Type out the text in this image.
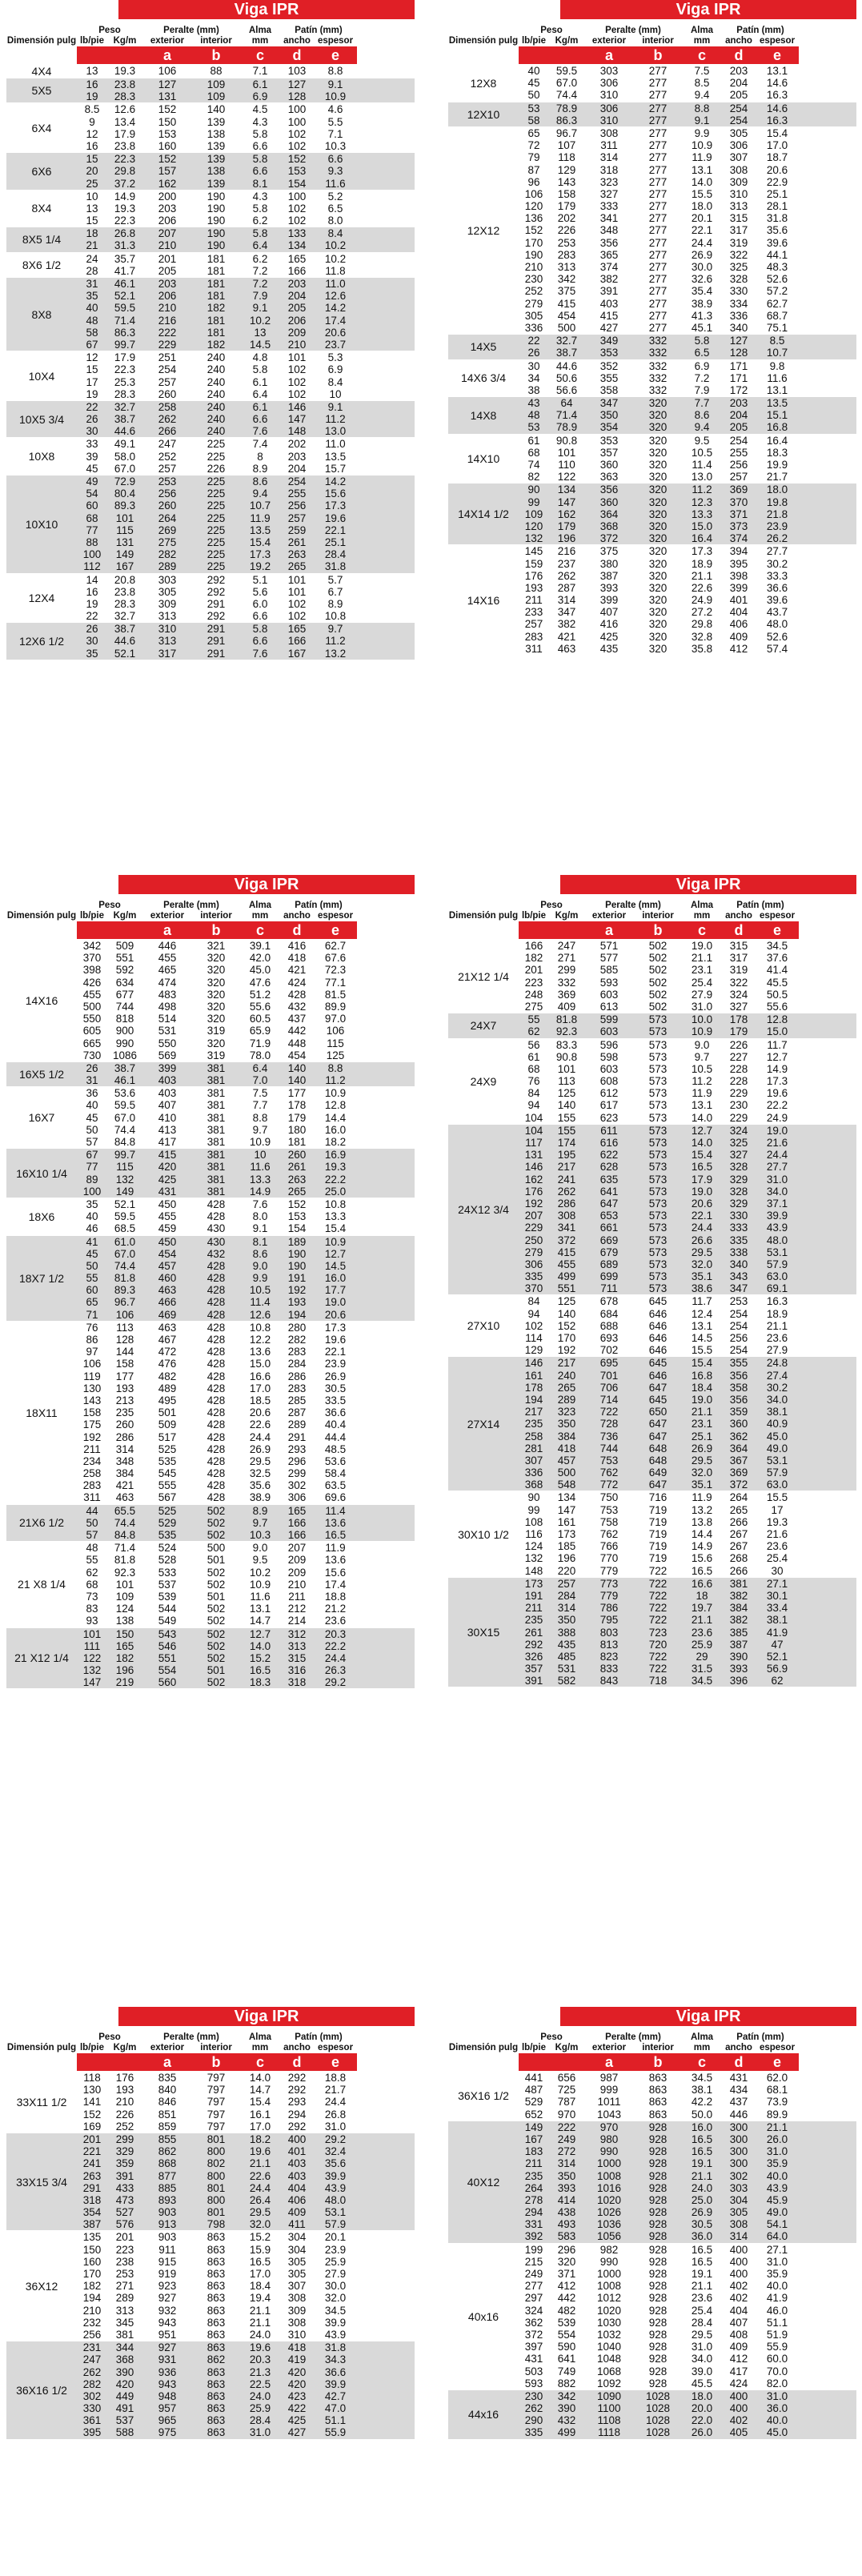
Viga IPR
Dimensión pulg
Peso
lb/pie	Kg/m
Peralte (mm)
exterior	interior
Alma
mm
Patín (mm)
ancho espesor
a	b	c	d	e
4X4	13	19.3	106	88	7.1	103	8.8
5X5	16	23.8	127	109	6.1	127	9.1
19	28.3	131	109	6.9	128	10.9
6X4
8.5	12.6	152	140	4.5	100	4.6
9	13.4	150	139	4.3	100	5.5
12	17.9	153	138	5.8	102	7.1
16	23.8	160	139	6.6	102	10.3
6X6
15	22.3	152	139	5.8	152	6.6
20	29.8	157	138	6.6	153	9.3
25	37.2	162	139	8.1	154	11.6
8X4
10	14.9	200	190	4.3	100	5.2
13	19.3	203	190	5.8	102	6.5
15	22.3	206	190	6.2	102	8.0
8X5 1/4	18	26.8	207	190	5.8	133	8.4
21	31.3	210	190	6.4	134	10.2
8X6 1/2	24	35.7	201	181	6.2	165	10.2
28	41.7	205	181	7.2	166	11.8
8X8
31	46.1	203	181	7.2	203	11.0
35	52.1	206	181	7.9	204	12.6
40	59.5	210	182	9.1	205	14.2
48	71.4	216	181	10.2	206	17.4
58	86.3	222	181	13	209	20.6
67	99.7	229	182	14.5	210	23.7
10X4
12	17.9	251	240	4.8	101	5.3
15	22.3	254	240	5.8	102	6.9
17	25.3	257	240	6.1	102	8.4
19	28.3	260	240	6.4	102	10
10X5 3/4
22	32.7	258	240	6.1	146	9.1
26	38.7	262	240	6.6	147	11.2
30	44.6	266	240	7.6	148	13.0
10X8
33	49.1	247	225	7.4	202	11.0
39	58.0	252	225	8	203	13.5
45	67.0	257	226	8.9	204	15.7
10X10
49	72.9	253	225	8.6	254	14.2
54	80.4	256	225	9.4	255	15.6
60	89.3	260	225	10.7	256	17.3
68	101	264	225	11.9	257	19.6
77	115	269	225	13.5	259	22.1
88	131	275	225	15.4	261	25.1
100	149	282	225	17.3	263	28.4
112	167	289	225	19.2	265	31.8
12X4
14	20.8	303	292	5.1	101	5.7
16	23.8	305	292	5.6	101	6.7
19	28.3	309	291	6.0	102	8.9
22	32.7	313	292	6.6	102	10.8
12X6 1/2
26	38.7	310	291	5.8	165	9.7
30	44.6	313	291	6.6	166	11.2
35	52.1	317	291	7.6	167	13.2
Viga IPR
Dimensión pulg
Peso
lb/pie	Kg/m
Peralte (mm)
exterior	interior
Alma
mm
Patín (mm)
ancho espesor
a	b	c	d	e
12X8
40	59.5	303	277	7.5	203	13.1
45	67.0	306	277	8.5	204	14.6
50	74.4	310	277	9.4	205	16.3
12X10	53	78.9	306	277	8.8	254	14.6
58	86.3	310	277	9.1	254	16.3
12X12
65	96.7	308	277	9.9	305	15.4
72	107	311	277	10.9	306	17.0
79	118	314	277	11.9	307	18.7
87	129	318	277	13.1	308	20.6
96	143	323	277	14.0	309	22.9
106	158	327	277	15.5	310	25.1
120	179	333	277	18.0	313	28.1
136	202	341	277	20.1	315	31.8
152	226	348	277	22.1	317	35.6
170	253	356	277	24.4	319	39.6
190	283	365	277	26.9	322	44.1
210	313	374	277	30.0	325	48.3
230	342	382	277	32.6	328	52.6
252	375	391	277	35.4	330	57.2
279	415	403	277	38.9	334	62.7
305	454	415	277	41.3	336	68.7
336	500	427	277	45.1	340	75.1
14X5	22	32.7	349	332	5.8	127	8.5
26	38.7	353	332	6.5	128	10.7
14X6 3/4
30	44.6	352	332	6.9	171	9.8
34	50.6	355	332	7.2	171	11.6
38	56.6	358	332	7.9	172	13.1
14X8
43	64	347	320	7.7	203	13.5
48	71.4	350	320	8.6	204	15.1
53	78.9	354	320	9.4	205	16.8
14X10
61	90.8	353	320	9.5	254	16.4
68	101	357	320	10.5	255	18.3
74	110	360	320	11.4	256	19.9
82	122	363	320	13.0	257	21.7
14X14 1/2
90	134	356	320	11.2	369	18.0
99	147	360	320	12.3	370	19.8
109	162	364	320	13.3	371	21.8
120	179	368	320	15.0	373	23.9
132	196	372	320	16.4	374	26.2
14X16
145	216	375	320	17.3	394	27.7
159	237	380	320	18.9	395	30.2
176	262	387	320	21.1	398	33.3
193	287	393	320	22.6	399	36.6
211	314	399	320	24.9	401	39.6
233	347	407	320	27.2	404	43.7
257	382	416	320	29.8	406	48.0
283	421	425	320	32.8	409	52.6
311	463	435	320	35.8	412	57.4
Viga IPR
Dimensión pulg
Peso
lb/pie	Kg/m
Peralte (mm)
exterior	interior
Alma
mm
Patín (mm)
ancho espesor
a	b	c	d	e
14X16
342	509	446	321	39.1	416	62.7
370	551	455	320	42.0	418	67.6
398	592	465	320	45.0	421	72.3
426	634	474	320	47.6	424	77.1
455	677	483	320	51.2	428	81.5
500	744	498	320	55.6	432	89.9
550	818	514	320	60.5	437	97.0
605	900	531	319	65.9	442	106
665	990	550	320	71.9	448	115
730	1086	569	319	78.0	454	125
16X5 1/2	26	38.7	399	381	6.4	140	8.8
31	46.1	403	381	7.0	140	11.2
16X7
36	53.6	403	381	7.5	177	10.9
40	59.5	407	381	7.7	178	12.8
45	67.0	410	381	8.8	179	14.4
50	74.4	413	381	9.7	180	16.0
57	84.8	417	381	10.9	181	18.2
16X10 1/4
67	99.7	415	381	10	260	16.9
77	115	420	381	11.6	261	19.3
89	132	425	381	13.3	263	22.2
100	149	431	381	14.9	265	25.0
18X6
35	52.1	450	428	7.6	152	10.8
40	59.5	455	428	8.0	153	13.3
46	68.5	459	430	9.1	154	15.4
18X7 1/2
41	61.0	450	430	8.1	189	10.9
45	67.0	454	432	8.6	190	12.7
50	74.4	457	428	9.0	190	14.5
55	81.8	460	428	9.9	191	16.0
60	89.3	463	428	10.5	192	17.7
65	96.7	466	428	11.4	193	19.0
71	106	469	428	12.6	194	20.6
18X11
76	113	463	428	10.8	280	17.3
86	128	467	428	12.2	282	19.6
97	144	472	428	13.6	283	22.1
106	158	476	428	15.0	284	23.9
119	177	482	428	16.6	286	26.9
130	193	489	428	17.0	283	30.5
143	213	495	428	18.5	285	33.5
158	235	501	428	20.6	287	36.6
175	260	509	428	22.6	289	40.4
192	286	517	428	24.4	291	44.4
211	314	525	428	26.9	293	48.5
234	348	535	428	29.5	296	53.6
258	384	545	428	32.5	299	58.4
283	421	555	428	35.6	302	63.5
311	463	567	428	38.9	306	69.6
21X6 1/2
44	65.5	525	502	8.9	165	11.4
50	74.4	529	502	9.7	166	13.6
57	84.8	535	502	10.3	166	16.5
21 X8 1/4
48	71.4	524	500	9.0	207	11.9
55	81.8	528	501	9.5	209	13.6
62	92.3	533	502	10.2	209	15.6
68	101	537	502	10.9	210	17.4
73	109	539	501	11.6	211	18.8
83	124	544	502	13.1	212	21.2
93	138	549	502	14.7	214	23.6
21 X12 1/4
101	150	543	502	12.7	312	20.3
111	165	546	502	14.0	313	22.2
122	182	551	502	15.2	315	24.4
132	196	554	501	16.5	316	26.3
147	219	560	502	18.3	318	29.2
Viga IPR
Dimensión pulg
Peso
lb/pie	Kg/m
Peralte (mm)
exterior	interior
Alma
mm
Patín (mm)
ancho espesor
a	b	c	d	e
21X12 1/4
166	247	571	502	19.0	315	34.5
182	271	577	502	21.1	317	37.6
201	299	585	502	23.1	319	41.4
223	332	593	502	25.4	322	45.5
248	369	603	502	27.9	324	50.5
275	409	613	502	31.0	327	55.6
24X7	55	81.8	599	573	10.0	178	12.8
62	92.3	603	573	10.9	179	15.0
24X9
56	83.3	596	573	9.0	226	11.7
61	90.8	598	573	9.7	227	12.7
68	101	603	573	10.5	228	14.9
76	113	608	573	11.2	228	17.3
84	125	612	573	11.9	229	19.6
94	140	617	573	13.1	230	22.2
104	155	623	573	14.0	229	24.9
24X12 3/4
104	155	611	573	12.7	324	19.0
117	174	616	573	14.0	325	21.6
131	195	622	573	15.4	327	24.4
146	217	628	573	16.5	328	27.7
162	241	635	573	17.9	329	31.0
176	262	641	573	19.0	328	34.0
192	286	647	573	20.6	329	37.1
207	308	653	573	22.1	330	39.9
229	341	661	573	24.4	333	43.9
250	372	669	573	26.6	335	48.0
279	415	679	573	29.5	338	53.1
306	455	689	573	32.0	340	57.9
335	499	699	573	35.1	343	63.0
370	551	711	573	38.6	347	69.1
27X10
84	125	678	645	11.7	253	16.3
94	140	684	646	12.4	254	18.9
102	152	688	646	13.1	254	21.1
114	170	693	646	14.5	256	23.6
129	192	702	646	15.5	254	27.9
27X14
146	217	695	645	15.4	355	24.8
161	240	701	646	16.8	356	27.4
178	265	706	647	18.4	358	30.2
194	289	714	645	19.0	356	34.0
217	323	722	650	21.1	359	38.1
235	350	728	647	23.1	360	40.9
258	384	736	647	25.1	362	45.0
281	418	744	648	26.9	364	49.0
307	457	753	648	29.5	367	53.1
336	500	762	649	32.0	369	57.9
368	548	772	647	35.1	372	63.0
30X10 1/2
90	134	750	716	11.9	264	15.5
99	147	753	719	13.2	265	17
108	161	758	719	13.8	266	19.3
116	173	762	719	14.4	267	21.6
124	185	766	719	14.9	267	23.6
132	196	770	719	15.6	268	25.4
148	220	779	722	16.5	266	30
30X15
173	257	773	722	16.6	381	27.1
191	284	779	722	18	382	30.1
211	314	786	722	19.7	384	33.4
235	350	795	722	21.1	382	38.1
261	388	803	723	23.6	385	41.9
292	435	813	720	25.9	387	47
326	485	823	722	29	390	52.1
357	531	833	722	31.5	393	56.9
391	582	843	718	34.5	396	62
Viga IPR
Dimensión pulg
Peso
lb/pie	Kg/m
Peralte (mm)
exterior	interior
Alma
mm
Patín (mm)
ancho espesor
a	b	c	d	e
33X11 1/2
118	176	835	797	14.0	292	18.8
130	193	840	797	14.7	292	21.7
141	210	846	797	15.4	293	24.4
152	226	851	797	16.1	294	26.8
169	252	859	797	17.0	292	31.0
33X15 3/4
201	299	855	801	18.2	400	29.2
221	329	862	800	19.6	401	32.4
241	359	868	802	21.1	403	35.6
263	391	877	800	22.6	403	39.9
291	433	885	801	24.4	404	43.9
318	473	893	800	26.4	406	48.0
354	527	903	801	29.5	409	53.1
387	576	913	798	32.0	411	57.9
36X12
135	201	903	863	15.2	304	20.1
150	223	911	863	15.9	304	23.9
160	238	915	863	16.5	305	25.9
170	253	919	863	17.0	305	27.9
182	271	923	863	18.4	307	30.0
194	289	927	863	19.4	308	32.0
210	313	932	863	21.1	309	34.5
232	345	943	863	21.1	308	39.9
256	381	951	863	24.0	310	43.9
36X16 1/2
231	344	927	863	19.6	418	31.8
247	368	931	862	20.3	419	34.3
262	390	936	863	21.3	420	36.6
282	420	943	863	22.5	420	39.9
302	449	948	863	24.0	423	42.7
330	491	957	863	25.9	422	47.0
361	537	965	863	28.4	425	51.1
395	588	975	863	31.0	427	55.9
Viga IPR
Dimensión pulg
Peso
lb/pie	Kg/m
Peralte (mm)
exterior	interior
Alma
mm
Patín (mm)
ancho espesor
a	b	c	d	e
36X16 1/2
441	656	987	863	34.5	431	62.0
487	725	999	863	38.1	434	68.1
529	787	1011	863	42.2	437	73.9
652	970	1043	863	50.0	446	89.9
40X12
149	222	970	928	16.0	300	21.1
167	249	980	928	16.5	300	26.0
183	272	990	928	16.5	300	31.0
211	314	1000	928	19.1	300	35.9
235	350	1008	928	21.1	302	40.0
264	393	1016	928	24.0	303	43.9
278	414	1020	928	25.0	304	45.9
294	438	1026	928	26.9	305	49.0
331	493	1036	928	30.5	308	54.1
392	583	1056	928	36.0	314	64.0
40x16
199	296	982	928	16.5	400	27.1
215	320	990	928	16.5	400	31.0
249	371	1000	928	19.1	400	35.9
277	412	1008	928	21.1	402	40.0
297	442	1012	928	23.6	402	41.9
324	482	1020	928	25.4	404	46.0
362	539	1030	928	28.4	407	51.1
372	554	1032	928	29.5	408	51.9
397	590	1040	928	31.0	409	55.9
431	641	1048	928	34.0	412	60.0
503	749	1068	928	39.0	417	70.0
593	882	1092	928	45.5	424	82.0
44x16
230	342	1090	1028	18.0	400	31.0
262	390	1100	1028	20.0	400	36.0
290	432	1108	1028	22.0	402	40.0
335	499	1118	1028	26.0	405	45.0
